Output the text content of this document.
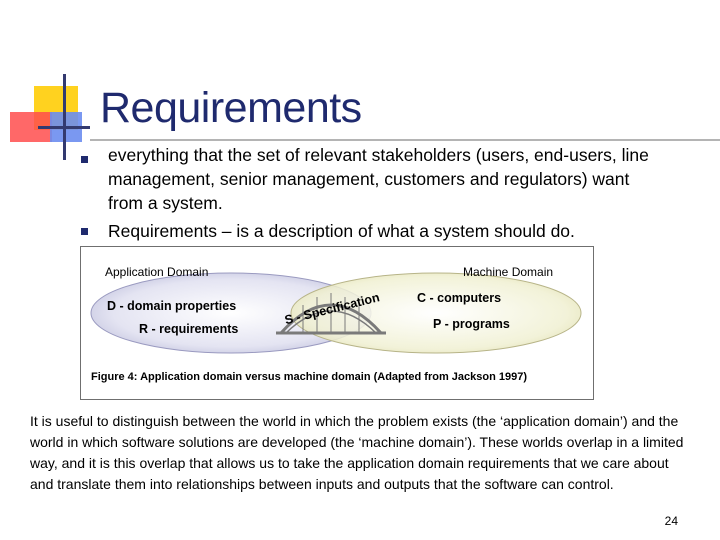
Requirements

everything that the set of relevant stakeholders (users, end-users, line management, senior management, customers and regulators) want from a system.

Requirements – is a description of what a system should do.

Application Domain	Machine Domain
D - domain properties
R - requirements
S - Specification	C - computers
P - programs
Figure 4: Application domain versus machine domain (Adapted from Jackson 1997)

It is useful to distinguish between the world in which the problem exists (the ‘application domain’) and the world in which software solutions are developed (the ‘machine domain’). These worlds overlap in a limited way, and it is this overlap that allows us to take the application domain requirements that we care about and translate them into relationships between inputs and outputs that the software can control.

24
